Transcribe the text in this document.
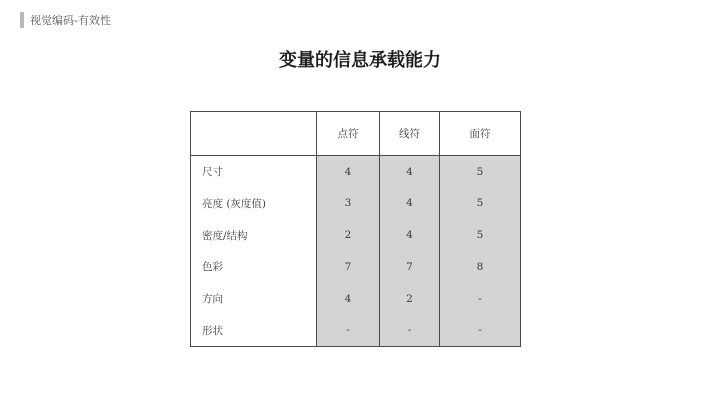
视觉编码-有效性
变量的信息承载能力
	点符	线符	面符
尺寸	4	4	5
亮度 (灰度值)	3	4	5
密度/结构	2	4	5
色彩	7	7	8
方向	4	2	-
形状	-	-	-
